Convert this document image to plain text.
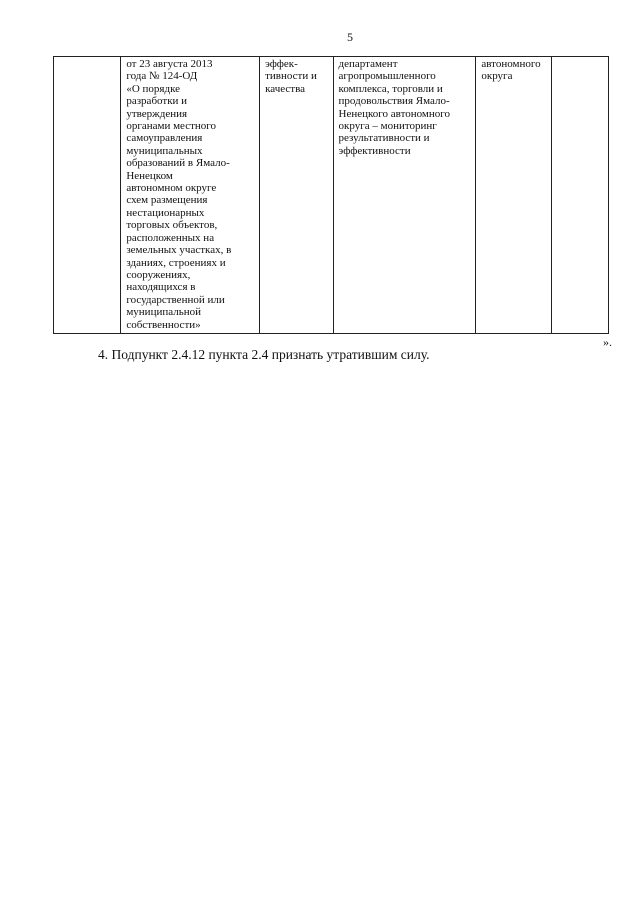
5
	от 23 августа 2013
года № 124-ОД
«О порядке
разработки и
утверждения
органами местного
самоуправления
муниципальных
образований в Ямало-
Ненецком
автономном округе
схем размещения
нестационарных
торговых объектов,
расположенных на
земельных участках, в
зданиях, строениях и
сооружениях,
находящихся в
государственной или
муниципальной
собственности»	эффек-
тивности и
качества	департамент
агропромышленного
комплекса, торговли и
продовольствия Ямало-
Ненецкого автономного
округа – мониторинг
результативности и
эффективности	автономного
округа	
».
4. Подпункт 2.4.12 пункта 2.4 признать утратившим силу.
